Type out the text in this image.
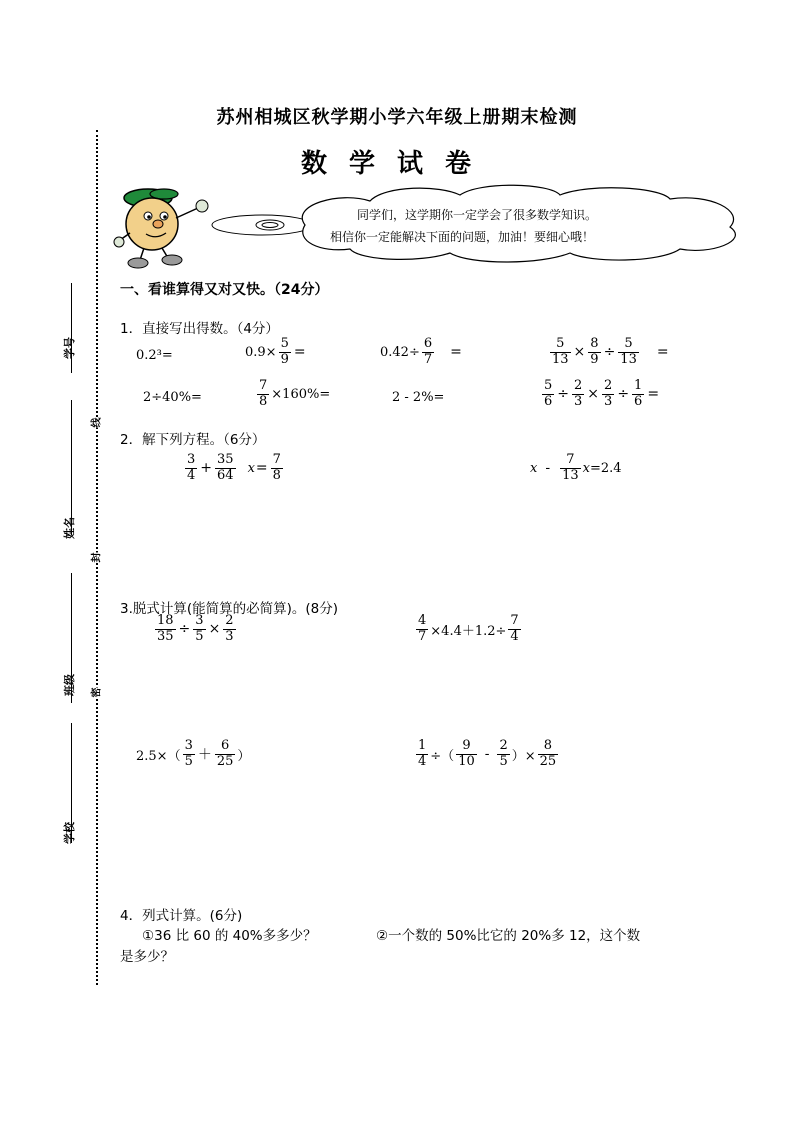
苏州相城区秋学期小学六年级上册期末检测
数学试卷
学号
姓名
班级
学校
线
封
密
同学们，这学期你一定学会了很多数学知识。
相信你一定能解决下面的问题，加油！要细心哦！
一、看谁算得又对又快。（24分）
1．直接写出得数。（4分）
0.2³=	$0.9\times \frac{5}{9}$ =	$0.42\div \frac{6}{7}$ =	$\frac{5}{13} \times \frac{8}{9} \div \frac{5}{13}$ =
2÷40%=	$\frac{7}{8} \times 160\%=$	2 - 2%=	$\frac{5}{6} \div \frac{2}{3} \times \frac{2}{3} \div \frac{1}{6}$ =
2．解下列方程。（6分）
$\frac{3}{4} + \frac{35}{64}$ $x = \frac{7}{8}$	x - $\frac{7}{13}$ x =2.4
3.脱式计算(能简算的必简算)。(8分)
$\frac{18}{35} \div \frac{3}{5} \times \frac{2}{3}$	$\frac{4}{7} \times 4.4+1.2\div \frac{7}{4}$
$2.5\times( \frac{3}{5} + \frac{6}{25}$ ）	$\frac{1}{4}$ ÷（ $\frac{9}{10} - \frac{2}{5}$ ）× $\frac{8}{25}$
4．列式计算。(6分)
①36 比 60 的 40%多多少？	②一个数的 50%比它的 20%多 12，这个数
是多少？
